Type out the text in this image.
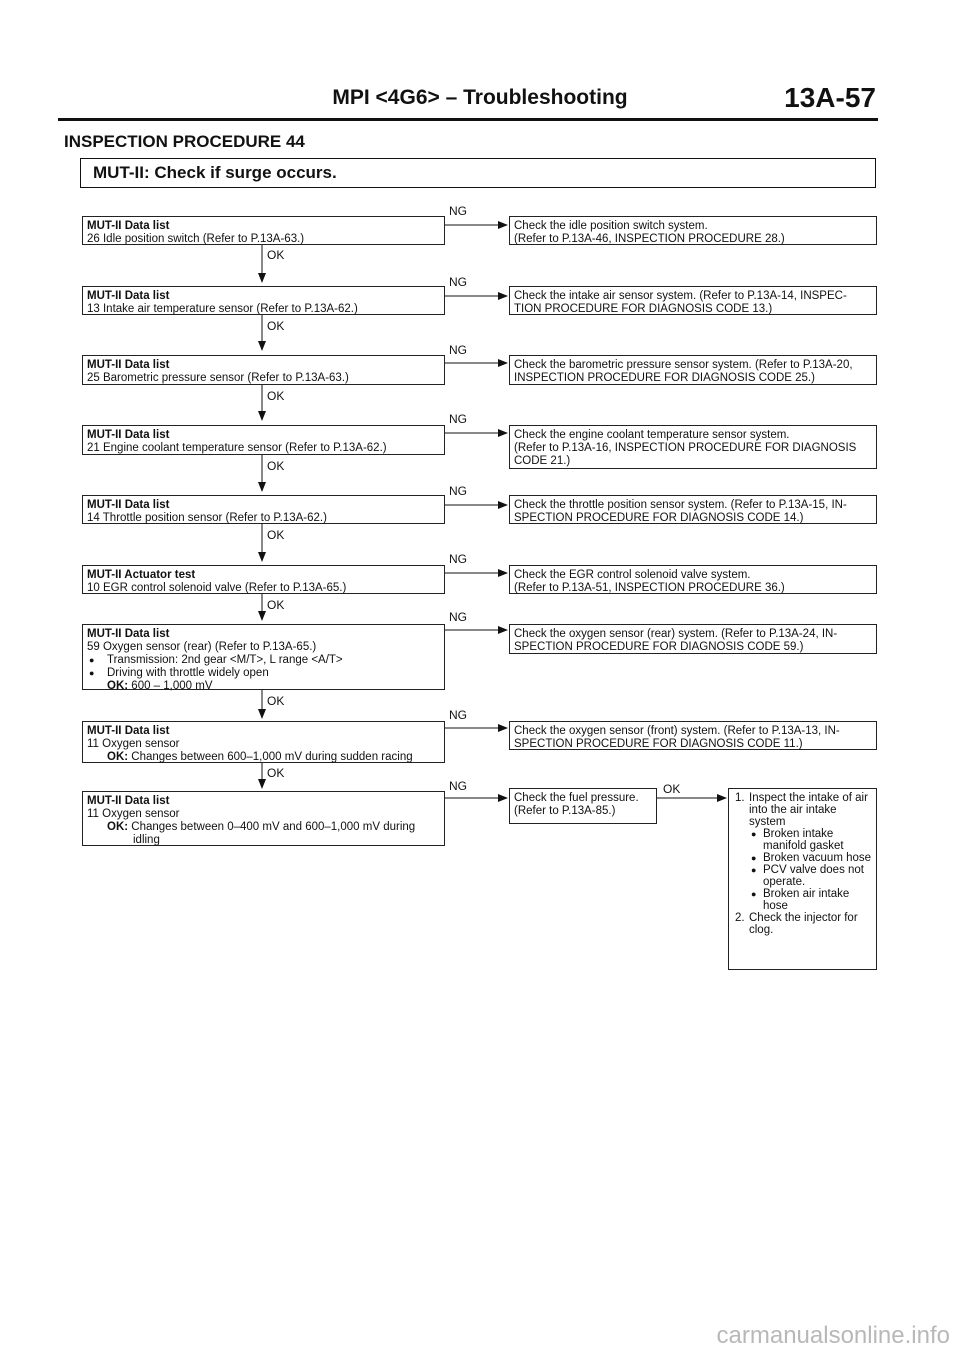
MPI <4G6> – Troubleshooting	13A-57
INSPECTION PROCEDURE 44
MUT-II: Check if surge occurs.
NG
NG
NG
NG
NG
NG
NG
NG
NG
OK
OK
OK
OK
OK
OK
OK
OK
OK
MUT-II Data list
26 Idle position switch (Refer to P.13A-63.)
MUT-II Data list
13 Intake air temperature sensor (Refer to P.13A-62.)
MUT-II Data list
25 Barometric pressure sensor (Refer to P.13A-63.)
MUT-II Data list
21 Engine coolant temperature sensor (Refer to P.13A-62.)
MUT-II Data list
14 Throttle position sensor (Refer to P.13A-62.)
MUT-II Actuator test
10 EGR control solenoid valve (Refer to P.13A-65.)
MUT-II Data list
59 Oxygen sensor (rear) (Refer to P.13A-65.)
● Transmission: 2nd gear <M/T>, L range <A/T>
● Driving with throttle widely open
OK: 600 – 1,000 mV
MUT-II Data list
11 Oxygen sensor
OK: Changes between 600–1,000 mV during sudden racing
MUT-II Data list
11 Oxygen sensor
OK: Changes between 0–400 mV and 600–1,000 mV during
idling
Check the idle position switch system.
(Refer to P.13A-46, INSPECTION PROCEDURE 28.)
Check the intake air sensor system. (Refer to P.13A-14, INSPEC-
TION PROCEDURE FOR DIAGNOSIS CODE 13.)
Check the barometric pressure sensor system. (Refer to P.13A-20,
INSPECTION PROCEDURE FOR DIAGNOSIS CODE 25.)
Check the engine coolant temperature sensor system.
(Refer to P.13A-16, INSPECTION PROCEDURE FOR DIAGNOSIS
CODE 21.)
Check the throttle position sensor system. (Refer to P.13A-15, IN-
SPECTION PROCEDURE FOR DIAGNOSIS CODE 14.)
Check the EGR control solenoid valve system.
(Refer to P.13A-51, INSPECTION PROCEDURE 36.)
Check the oxygen sensor (rear) system. (Refer to P.13A-24, IN-
SPECTION PROCEDURE FOR DIAGNOSIS CODE 59.)
Check the oxygen sensor (front) system. (Refer to P.13A-13, IN-
SPECTION PROCEDURE FOR DIAGNOSIS CODE 11.)
Check the fuel pressure.
(Refer to P.13A-85.)
1. Inspect the intake of air into the air intake system
● Broken intake manifold gasket
● Broken vacuum hose
● PCV valve does not operate.
● Broken air intake hose
2. Check the injector for clog.
carmanualsonline.info
